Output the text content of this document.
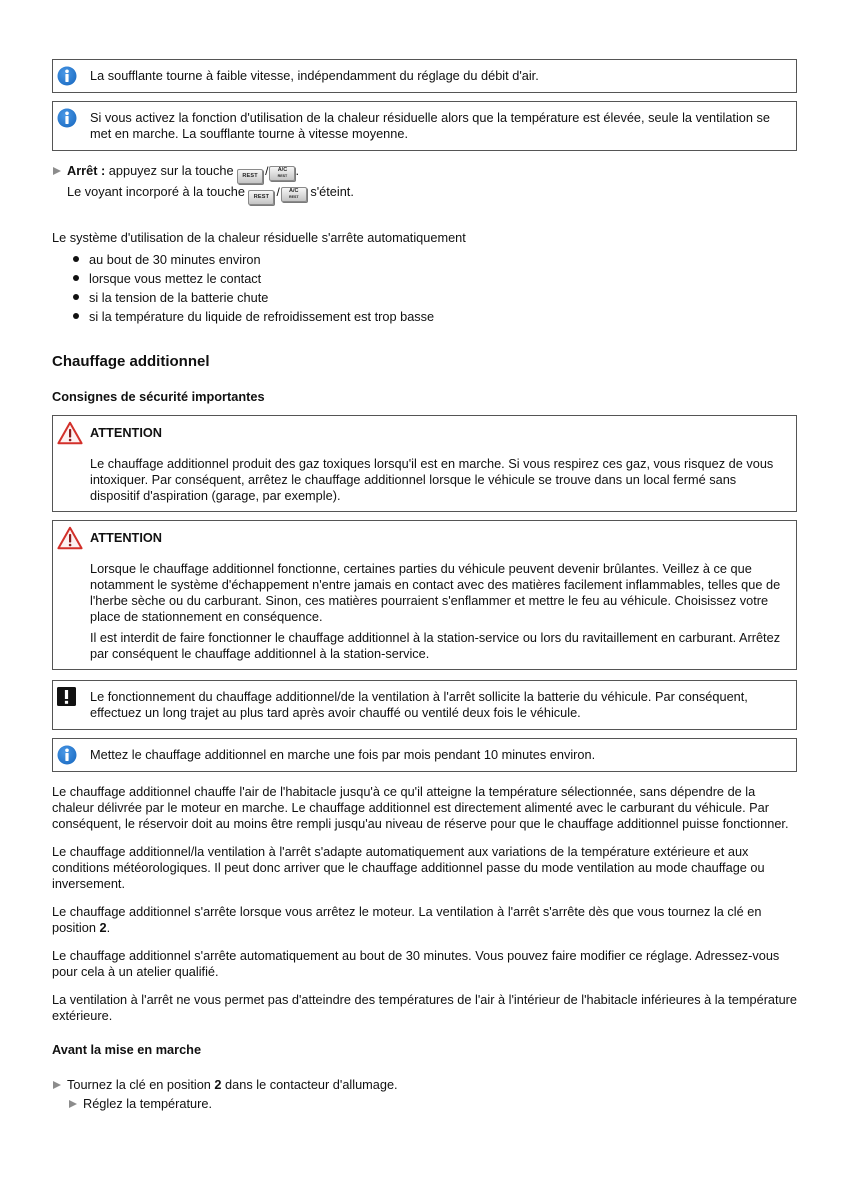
La soufflante tourne à faible vitesse, indépendamment du réglage du débit d'air.

Si vous activez la fonction d'utilisation de la chaleur résiduelle alors que la température est élevée, seule la ventilation se met en marche. La soufflante tourne à vitesse moyenne.

Arrêt : appuyez sur la touche REST /	A/C
REST .
Le voyant incorporé à la touche REST /	A/C
REST s'éteint.

Le système d'utilisation de la chaleur résiduelle s'arrête automatiquement

au bout de 30 minutes environ
lorsque vous mettez le contact
si la tension de la batterie chute
si la température du liquide de refroidissement est trop basse
Chauffage additionnel
Consignes de sécurité importantes
ATTENTION

Le chauffage additionnel produit des gaz toxiques lorsqu'il est en marche. Si vous respirez ces gaz, vous risquez de vous intoxiquer. Par conséquent, arrêtez le chauffage additionnel lorsque le véhicule se trouve dans un local fermé sans dispositif d'aspiration (garage, par exemple).

ATTENTION

Lorsque le chauffage additionnel fonctionne, certaines parties du véhicule peuvent devenir brûlantes. Veillez à ce que notamment le système d'échappement n'entre jamais en contact avec des matières facilement inflammables, telles que de l'herbe sèche ou du carburant. Sinon, ces matières pourraient s'enflammer et mettre le feu au véhicule. Choisissez votre place de stationnement en conséquence.

Il est interdit de faire fonctionner le chauffage additionnel à la station-service ou lors du ravitaillement en carburant. Arrêtez par conséquent le chauffage additionnel à la station-service.

Le fonctionnement du chauffage additionnel/de la ventilation à l'arrêt sollicite la batterie du véhicule. Par conséquent, effectuez un long trajet au plus tard après avoir chauffé ou ventilé deux fois le véhicule.

Mettez le chauffage additionnel en marche une fois par mois pendant 10 minutes environ.

Le chauffage additionnel chauffe l'air de l'habitacle jusqu'à ce qu'il atteigne la température sélectionnée, sans dépendre de la chaleur délivrée par le moteur en marche. Le chauffage additionnel est directement alimenté avec le carburant du véhicule. Par conséquent, le réservoir doit au moins être rempli jusqu'au niveau de réserve pour que le chauffage additionnel puisse fonctionner.

Le chauffage additionnel/la ventilation à l'arrêt s'adapte automatiquement aux variations de la température extérieure et aux conditions météorologiques. Il peut donc arriver que le chauffage additionnel passe du mode ventilation au mode chauffage ou inversement.

Le chauffage additionnel s'arrête lorsque vous arrêtez le moteur. La ventilation à l'arrêt s'arrête dès que vous tournez la clé en position 2.

Le chauffage additionnel s'arrête automatiquement au bout de 30 minutes. Vous pouvez faire modifier ce réglage. Adressez-vous pour cela à un atelier qualifié.

La ventilation à l'arrêt ne vous permet pas d'atteindre des températures de l'air à l'intérieur de l'habitacle inférieures à la température extérieure.

Avant la mise en marche
Tournez la clé en position 2 dans le contacteur d'allumage.
Réglez la température.
